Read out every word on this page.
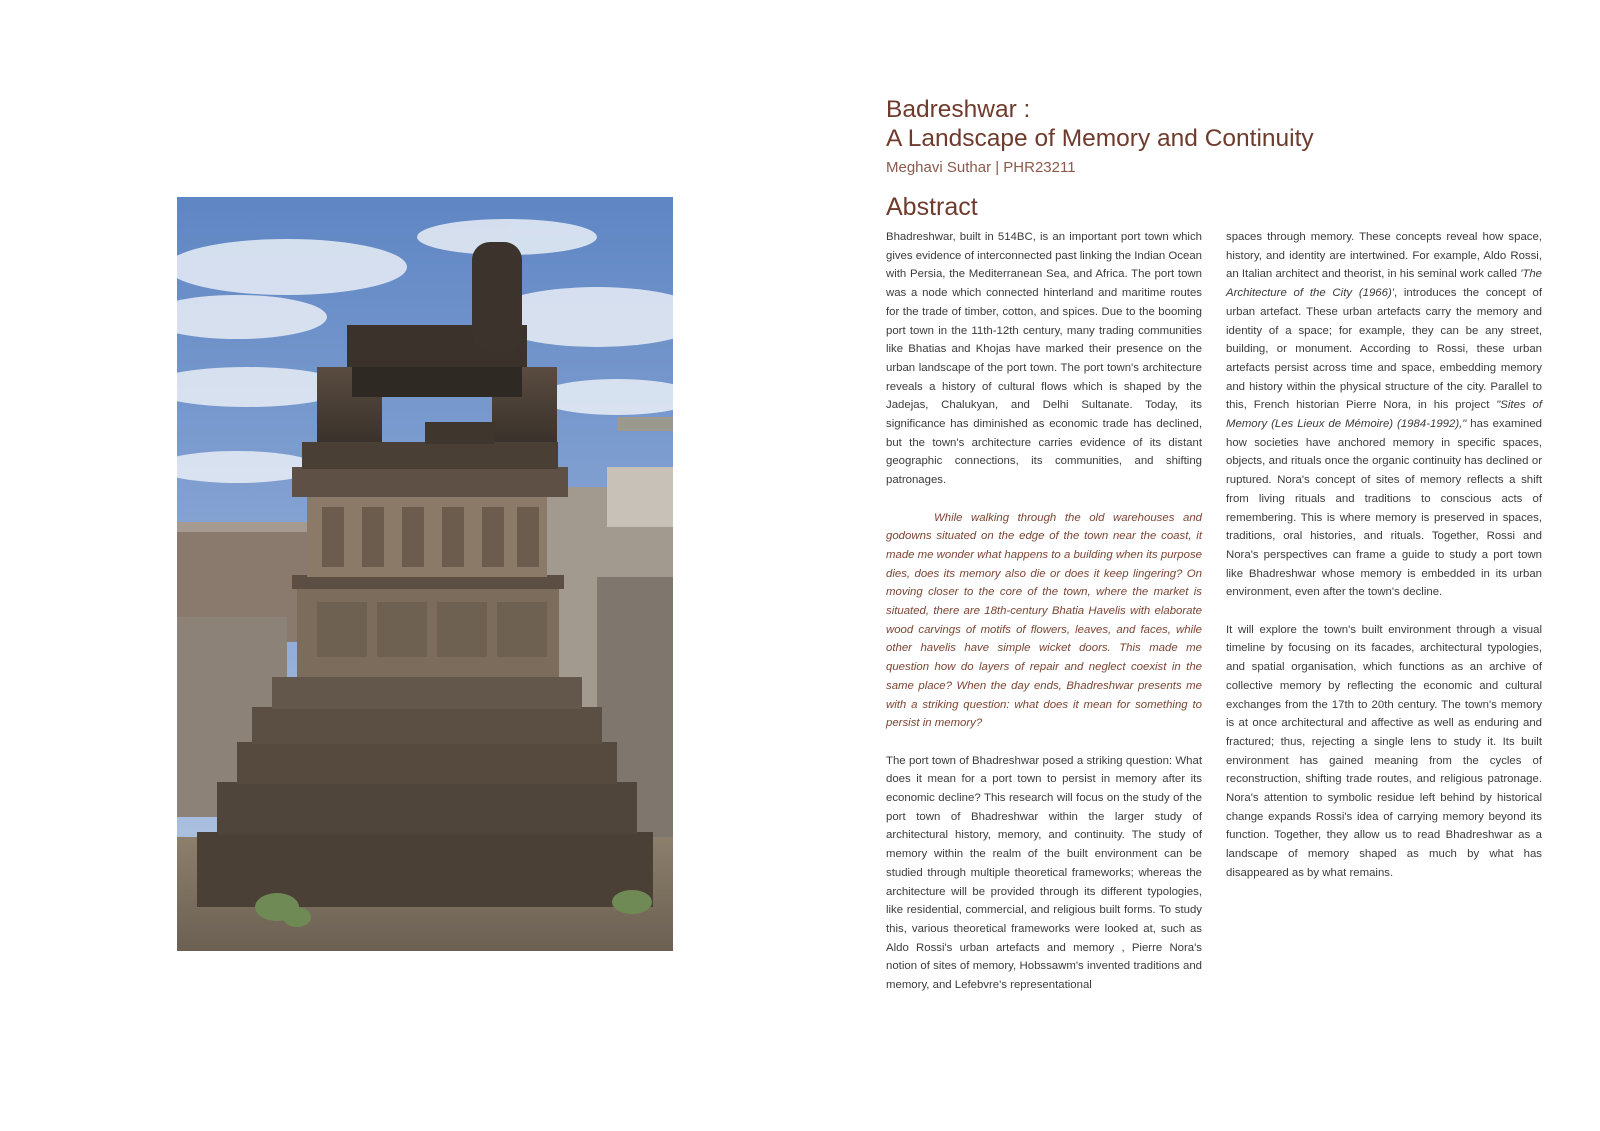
Badreshwar :
A Landscape of Memory and Continuity
Meghavi Suthar | PHR23211
Abstract

Bhadreshwar, built in 514BC, is an important port town which gives evidence of interconnected past linking the Indian Ocean with Persia, the Mediterranean Sea, and Africa. The port town was a node which connected hinterland and maritime routes for the trade of timber, cotton, and spices. Due to the booming port town in the 11th-12th century, many trading communities like Bhatias and Khojas have marked their presence on the urban landscape of the port town. The port town's architecture reveals a history of cultural flows which is shaped by the Jadejas, Chalukyan, and Delhi Sultanate. Today, its significance has diminished as economic trade has declined, but the town's architecture carries evidence of its distant geographic connections, its communities, and shifting patronages.

While walking through the old warehouses and godowns situated on the edge of the town near the coast, it made me wonder what happens to a building when its purpose dies, does its memory also die or does it keep lingering? On moving closer to the core of the town, where the market is situated, there are 18th-century Bhatia Havelis with elaborate wood carvings of motifs of flowers, leaves, and faces, while other havelis have simple wicket doors. This made me question how do layers of repair and neglect coexist in the same place? When the day ends, Bhadreshwar presents me with a striking question: what does it mean for something to persist in memory?

The port town of Bhadreshwar posed a striking question: What does it mean for a port town to persist in memory after its economic decline? This research will focus on the study of the port town of Bhadreshwar within the larger study of architectural history, memory, and continuity. The study of memory within the realm of the built environment can be studied through multiple theoretical frameworks; whereas the architecture will be provided through its different typologies, like residential, commercial, and religious built forms. To study this, various theoretical frameworks were looked at, such as Aldo Rossi's urban artefacts and memory , Pierre Nora's notion of sites of memory, Hobssawm's invented traditions and memory, and Lefebvre's representational

spaces through memory. These concepts reveal how space, history, and identity are intertwined. For example, Aldo Rossi, an Italian architect and theorist, in his seminal work called 'The Architecture of the City (1966)', introduces the concept of urban artefact. These urban artefacts carry the memory and identity of a space; for example, they can be any street, building, or monument. According to Rossi, these urban artefacts persist across time and space, embedding memory and history within the physical structure of the city. Parallel to this, French historian Pierre Nora, in his project "Sites of Memory (Les Lieux de Mémoire) (1984-1992)," has examined how societies have anchored memory in specific spaces, objects, and rituals once the organic continuity has declined or ruptured. Nora's concept of sites of memory reflects a shift from living rituals and traditions to conscious acts of remembering. This is where memory is preserved in spaces, traditions, oral histories, and rituals. Together, Rossi and Nora's perspectives can frame a guide to study a port town like Bhadreshwar whose memory is embedded in its urban environment, even after the town's decline.

It will explore the town's built environment through a visual timeline by focusing on its facades, architectural typologies, and spatial organisation, which functions as an archive of collective memory by reflecting the economic and cultural exchanges from the 17th to 20th century. The town's memory is at once architectural and affective as well as enduring and fractured; thus, rejecting a single lens to study it. Its built environment has gained meaning from the cycles of reconstruction, shifting trade routes, and religious patronage. Nora's attention to symbolic residue left behind by historical change expands Rossi's idea of carrying memory beyond its function. Together, they allow us to read Bhadreshwar as a landscape of memory shaped as much by what has disappeared as by what remains.
